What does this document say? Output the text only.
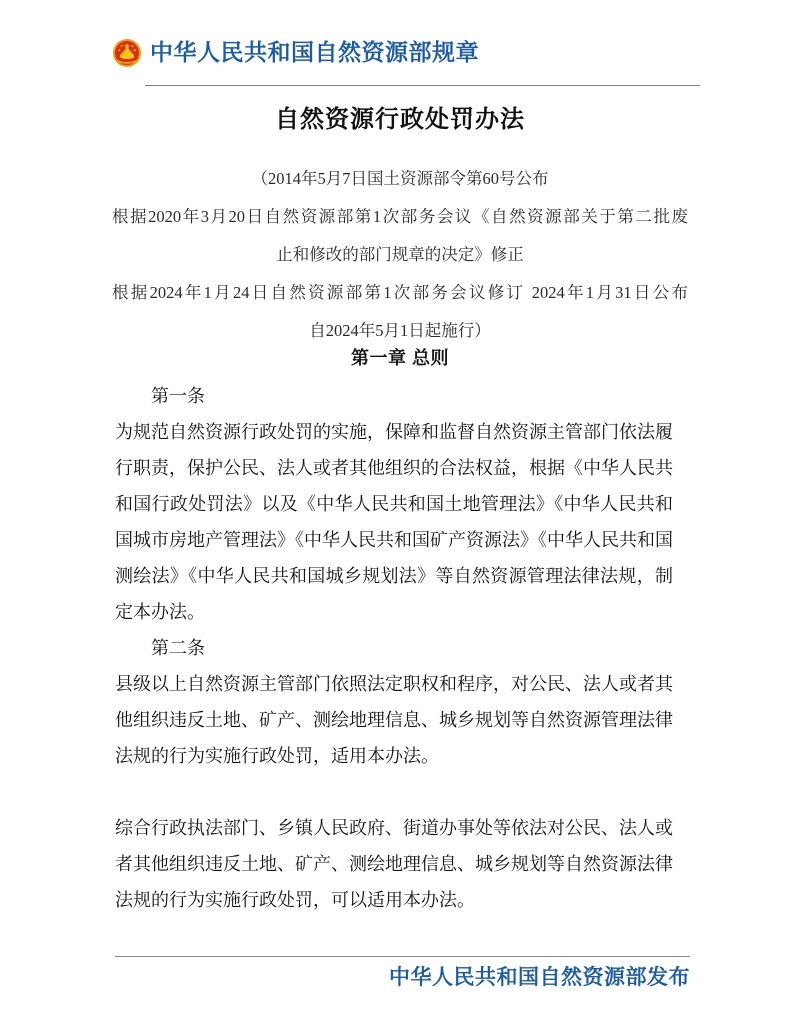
中华人民共和国自然资源部规章
自然资源行政处罚办法
（2014年5月7日国土资源部令第60号公布
根据2020年3月20日自然资源部第1次部务会议《自然资源部关于第二批废
止和修改的部门规章的决定》修正
根据2024年1月24日自然资源部第1次部务会议修订 2024年1月31日公布
自2024年5月1日起施行）
第一章 总则
第一条
为规范自然资源行政处罚的实施，保障和监督自然资源主管部门依法履行职责，保护公民、法人或者其他组织的合法权益，根据《中华人民共和国行政处罚法》以及《中华人民共和国土地管理法》《中华人民共和国城市房地产管理法》《中华人民共和国矿产资源法》《中华人民共和国测绘法》《中华人民共和国城乡规划法》等自然资源管理法律法规，制定本办法。
第二条
县级以上自然资源主管部门依照法定职权和程序，对公民、法人或者其他组织违反土地、矿产、测绘地理信息、城乡规划等自然资源管理法律法规的行为实施行政处罚，适用本办法。
综合行政执法部门、乡镇人民政府、街道办事处等依法对公民、法人或者其他组织违反土地、矿产、测绘地理信息、城乡规划等自然资源法律法规的行为实施行政处罚，可以适用本办法。
中华人民共和国自然资源部发布
